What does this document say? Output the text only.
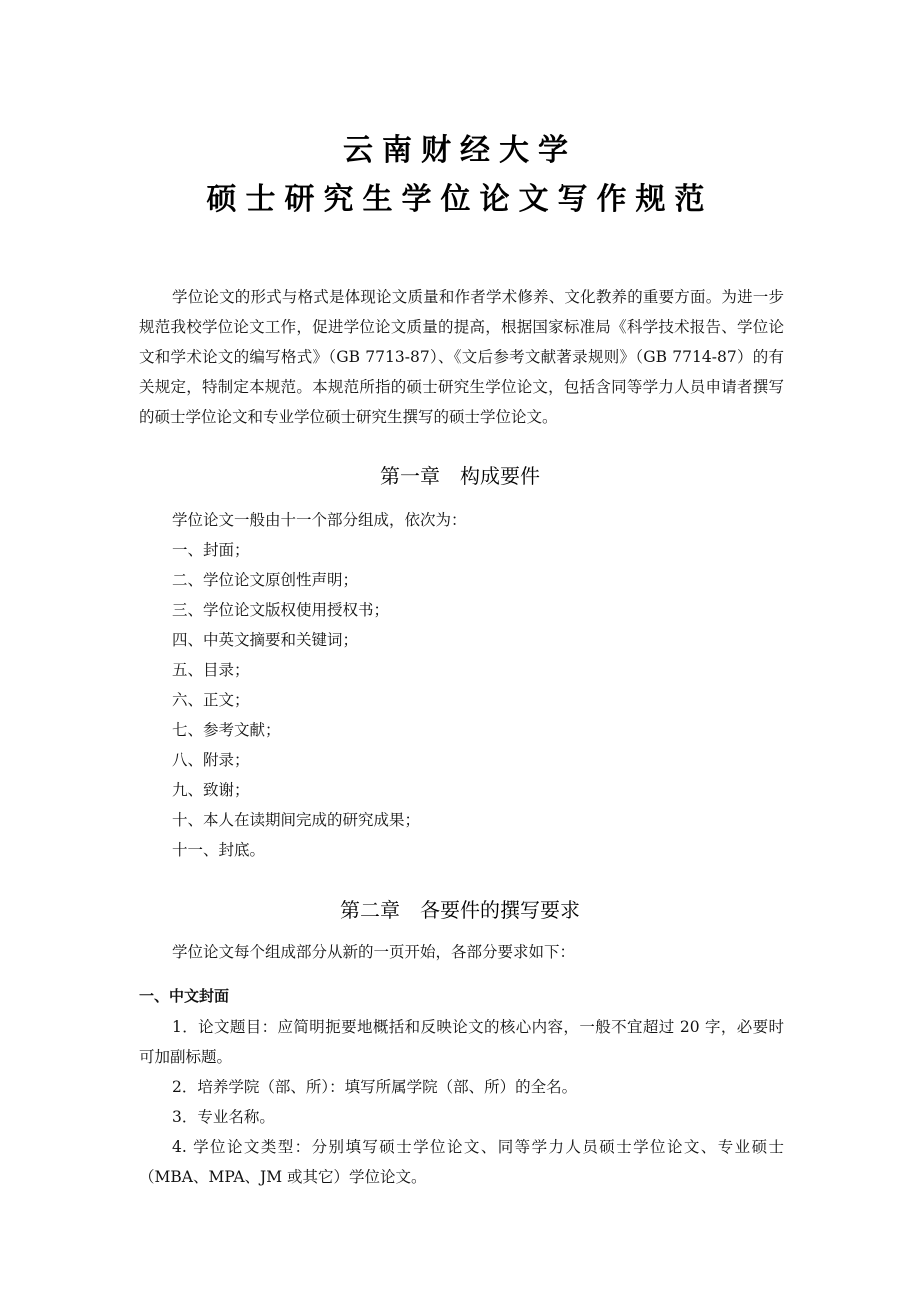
云南财经大学
硕士研究生学位论文写作规范
学位论文的形式与格式是体现论文质量和作者学术修养、文化教养的重要方面。为进一步规范我校学位论文工作，促进学位论文质量的提高，根据国家标准局《科学技术报告、学位论文和学术论文的编写格式》（GB 7713-87）、《文后参考文献著录规则》（GB 7714-87）的有关规定，特制定本规范。本规范所指的硕士研究生学位论文，包括含同等学力人员申请者撰写的硕士学位论文和专业学位硕士研究生撰写的硕士学位论文。
第一章　构成要件
学位论文一般由十一个部分组成，依次为：
一、封面；
二、学位论文原创性声明；
三、学位论文版权使用授权书；
四、中英文摘要和关键词；
五、目录；
六、正文；
七、参考文献；
八、附录；
九、致谢；
十、本人在读期间完成的研究成果；
十一、封底。
第二章　各要件的撰写要求
学位论文每个组成部分从新的一页开始，各部分要求如下：
一、中文封面
1．论文题目：应简明扼要地概括和反映论文的核心内容，一般不宜超过 20 字，必要时可加副标题。
2．培养学院（部、所）：填写所属学院（部、所）的全名。
3．专业名称。
4. 学位论文类型：分别填写硕士学位论文、同等学力人员硕士学位论文、专业硕士（MBA、MPA、JM 或其它）学位论文。
